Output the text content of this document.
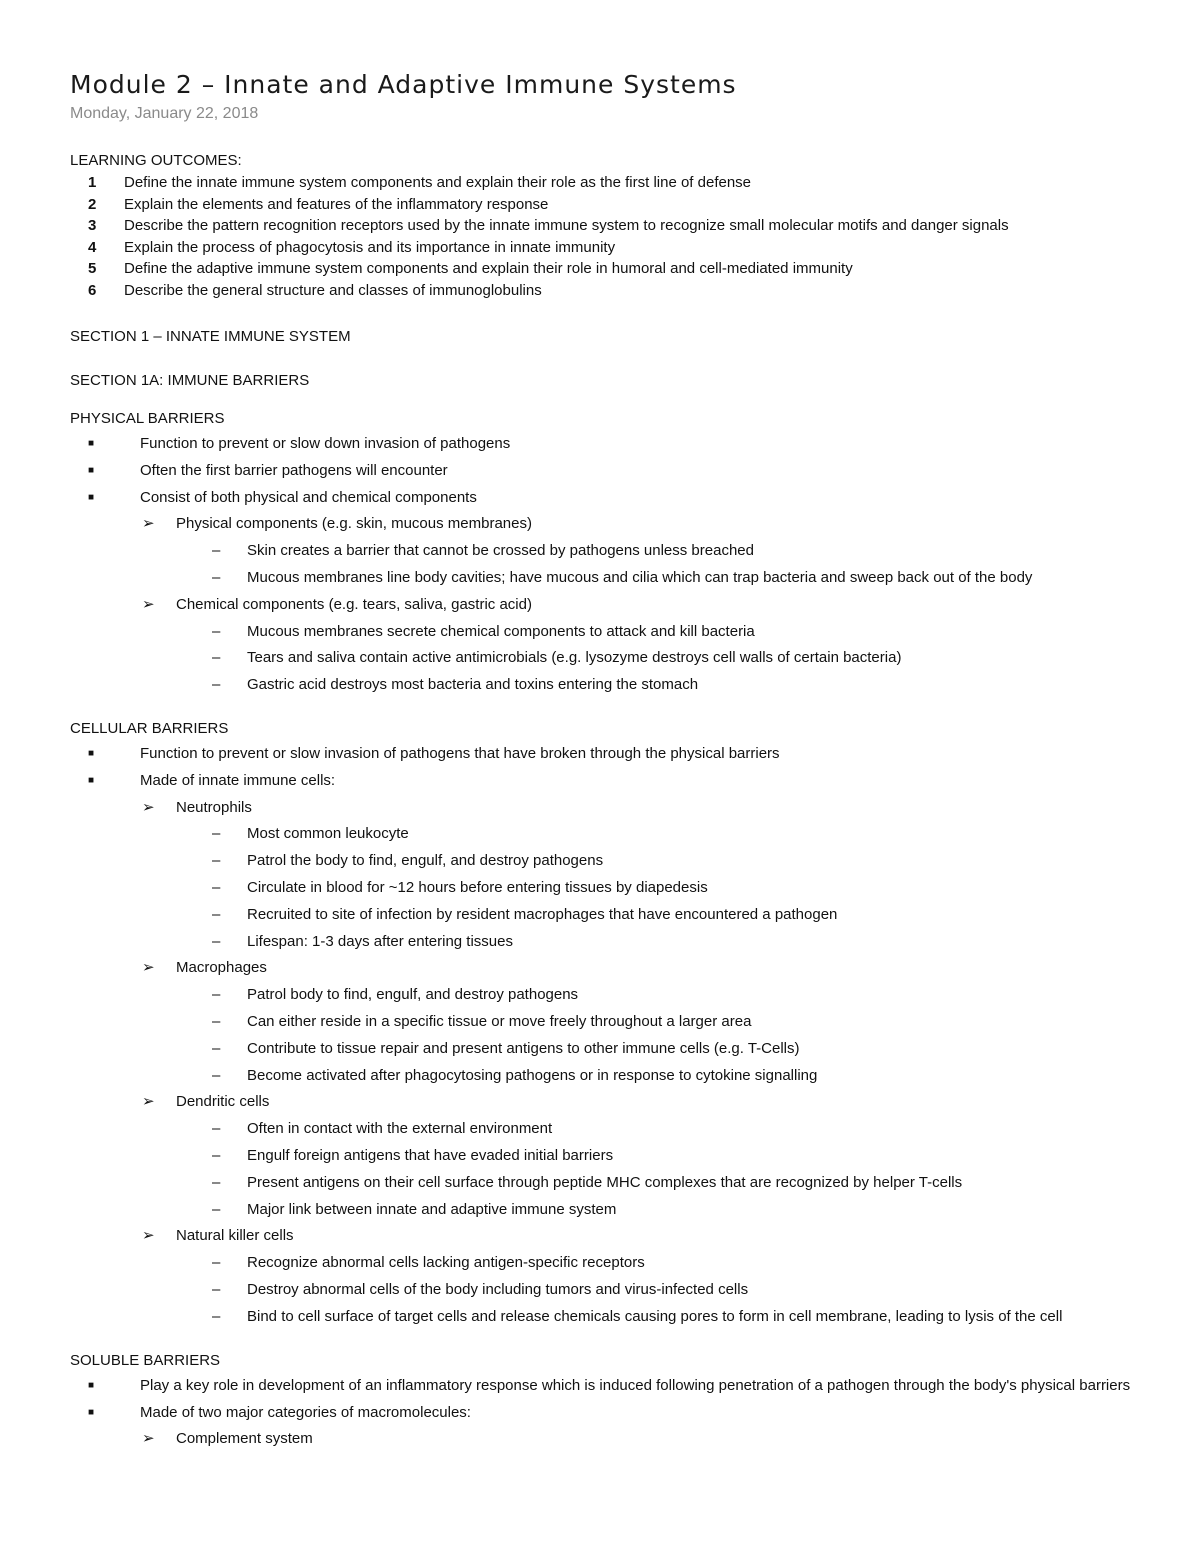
Module 2 – Innate and Adaptive Immune Systems
Monday, January 22, 2018
LEARNING OUTCOMES:
1	Define the innate immune system components and explain their role as the first line of defense
2	Explain the elements and features of the inflammatory response
3	Describe the pattern recognition receptors used by the innate immune system to recognize small molecular motifs and danger signals
4	Explain the process of phagocytosis and its importance in innate immunity
5	Define the adaptive immune system components and explain their role in humoral and cell-mediated immunity
6	Describe the general structure and classes of immunoglobulins
SECTION 1 – INNATE IMMUNE SYSTEM
SECTION 1A: IMMUNE BARRIERS
PHYSICAL BARRIERS
■	Function to prevent or slow down invasion of pathogens
■	Often the first barrier pathogens will encounter
■	Consist of both physical and chemical components
➢ Physical components (e.g. skin, mucous membranes)
– Skin creates a barrier that cannot be crossed by pathogens unless breached
– Mucous membranes line body cavities; have mucous and cilia which can trap bacteria and sweep back out of the body
➢ Chemical components (e.g. tears, saliva, gastric acid)
– Mucous membranes secrete chemical components to attack and kill bacteria
– Tears and saliva contain active antimicrobials (e.g. lysozyme destroys cell walls of certain bacteria)
– Gastric acid destroys most bacteria and toxins entering the stomach
CELLULAR BARRIERS
■	Function to prevent or slow invasion of pathogens that have broken through the physical barriers
■	Made of innate immune cells:
➢ Neutrophils
– Most common leukocyte
– Patrol the body to find, engulf, and destroy pathogens
– Circulate in blood for ~12 hours before entering tissues by diapedesis
– Recruited to site of infection by resident macrophages that have encountered a pathogen
– Lifespan: 1-3 days after entering tissues
➢ Macrophages
– Patrol body to find, engulf, and destroy pathogens
– Can either reside in a specific tissue or move freely throughout a larger area
– Contribute to tissue repair and present antigens to other immune cells (e.g. T-Cells)
– Become activated after phagocytosing pathogens or in response to cytokine signalling
➢ Dendritic cells
– Often in contact with the external environment
– Engulf foreign antigens that have evaded initial barriers
– Present antigens on their cell surface through peptide MHC complexes that are recognized by helper T-cells
– Major link between innate and adaptive immune system
➢ Natural killer cells
– Recognize abnormal cells lacking antigen-specific receptors
– Destroy abnormal cells of the body including tumors and virus-infected cells
– Bind to cell surface of target cells and release chemicals causing pores to form in cell membrane, leading to lysis of the cell
SOLUBLE BARRIERS
■	Play a key role in development of an inflammatory response which is induced following penetration of a pathogen through the body's physical barriers
■	Made of two major categories of macromolecules:
➢ Complement system
